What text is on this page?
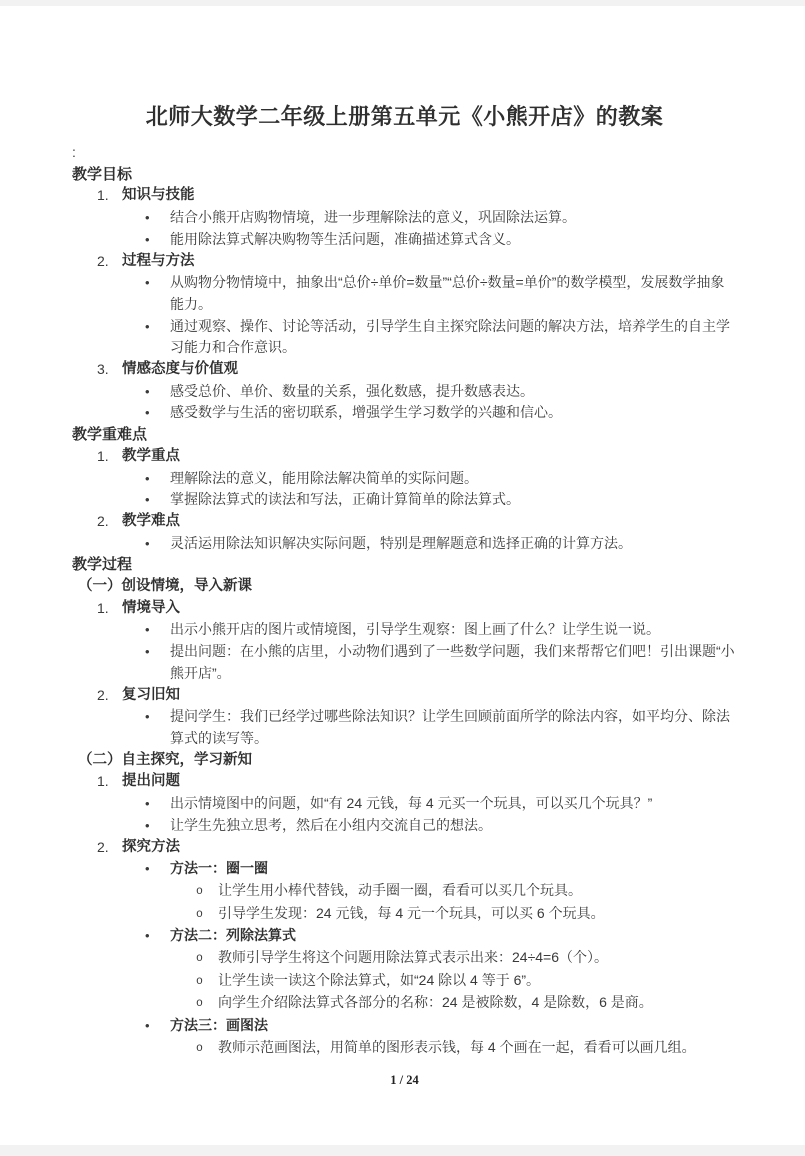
北师大数学二年级上册第五单元《小熊开店》的教案
:
教学目标
1. 知识与技能
•	结合小熊开店购物情境，进一步理解除法的意义，巩固除法运算。
•	能用除法算式解决购物等生活问题，准确描述算式含义。
2. 过程与方法
•	从购物分物情境中，抽象出“总价÷单价=数量”“总价÷数量=单价”的数学模型，发展数学抽象能力。
•	通过观察、操作、讨论等活动，引导学生自主探究除法问题的解决方法，培养学生的自主学习能力和合作意识。
3. 情感态度与价值观
•	感受总价、单价、数量的关系，强化数感，提升数感表达。
•	感受数学与生活的密切联系，增强学生学习数学的兴趣和信心。
教学重难点
1. 教学重点
•	理解除法的意义，能用除法解决简单的实际问题。
•	掌握除法算式的读法和写法，正确计算简单的除法算式。
2. 教学难点
•	灵活运用除法知识解决实际问题，特别是理解题意和选择正确的计算方法。
教学过程
（一）创设情境，导入新课
1. 情境导入
•	出示小熊开店的图片或情境图，引导学生观察：图上画了什么？让学生说一说。
•	提出问题：在小熊的店里，小动物们遇到了一些数学问题，我们来帮帮它们吧！引出课题“小熊开店”。
2. 复习旧知
•	提问学生：我们已经学过哪些除法知识？让学生回顾前面所学的除法内容，如平均分、除法算式的读写等。
（二）自主探究，学习新知
1. 提出问题
•	出示情境图中的问题，如“有 24 元钱，每 4 元买一个玩具，可以买几个玩具？”
•	让学生先独立思考，然后在小组内交流自己的想法。
2. 探究方法
•	方法一：圈一圈
o	让学生用小棒代替钱，动手圈一圈，看看可以买几个玩具。
o	引导学生发现：24 元钱，每 4 元一个玩具，可以买 6 个玩具。
•	方法二：列除法算式
o	教师引导学生将这个问题用除法算式表示出来：24÷4=6（个）。
o	让学生读一读这个除法算式，如“24 除以 4 等于 6”。
o	向学生介绍除法算式各部分的名称：24 是被除数，4 是除数，6 是商。
•	方法三：画图法
o	教师示范画图法，用简单的图形表示钱，每 4 个画在一起，看看可以画几组。
1 / 24
